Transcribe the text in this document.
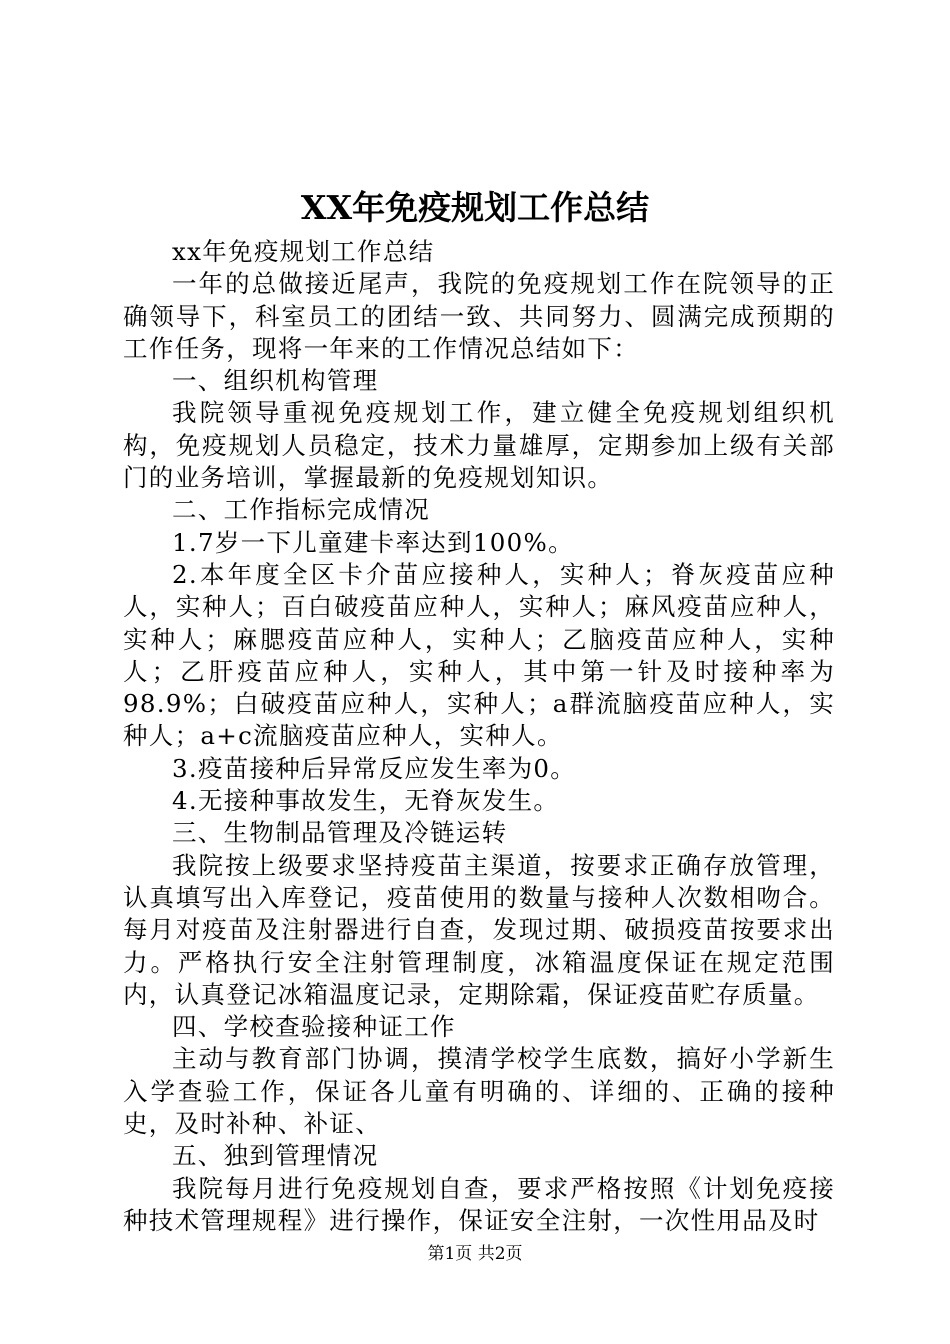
XX年免疫规划工作总结

xx年免疫规划工作总结

一年的总做接近尾声，我院的免疫规划工作在院领导的正确领导下，科室员工的团结一致、共同努力、圆满完成预期的工作任务，现将一年来的工作情况总结如下：

一、组织机构管理

我院领导重视免疫规划工作，建立健全免疫规划组织机构，免疫规划人员稳定，技术力量雄厚，定期参加上级有关部门的业务培训，掌握最新的免疫规划知识。

二、工作指标完成情况

1.7岁一下儿童建卡率达到100%。

2.本年度全区卡介苗应接种人，实种人；脊灰疫苗应种人，实种人；百白破疫苗应种人，实种人；麻风疫苗应种人，实种人；麻腮疫苗应种人，实种人；乙脑疫苗应种人，实种人；乙肝疫苗应种人，实种人，其中第一针及时接种率为98.9%；白破疫苗应种人，实种人；a群流脑疫苗应种人，实种人；a+c流脑疫苗应种人，实种人。

3.疫苗接种后异常反应发生率为0。

4.无接种事故发生，无脊灰发生。

三、生物制品管理及冷链运转

我院按上级要求坚持疫苗主渠道，按要求正确存放管理，认真填写出入库登记，疫苗使用的数量与接种人次数相吻合。每月对疫苗及注射器进行自查，发现过期、破损疫苗按要求出力。严格执行安全注射管理制度，冰箱温度保证在规定范围内，认真登记冰箱温度记录，定期除霜，保证疫苗贮存质量。

四、学校查验接种证工作

主动与教育部门协调，摸清学校学生底数，搞好小学新生入学查验工作，保证各儿童有明确的、详细的、正确的接种史，及时补种、补证、

五、独到管理情况

我院每月进行免疫规划自查，要求严格按照《计划免疫接种技术管理规程》进行操作，保证安全注射，一次性用品及时

第1页 共2页
